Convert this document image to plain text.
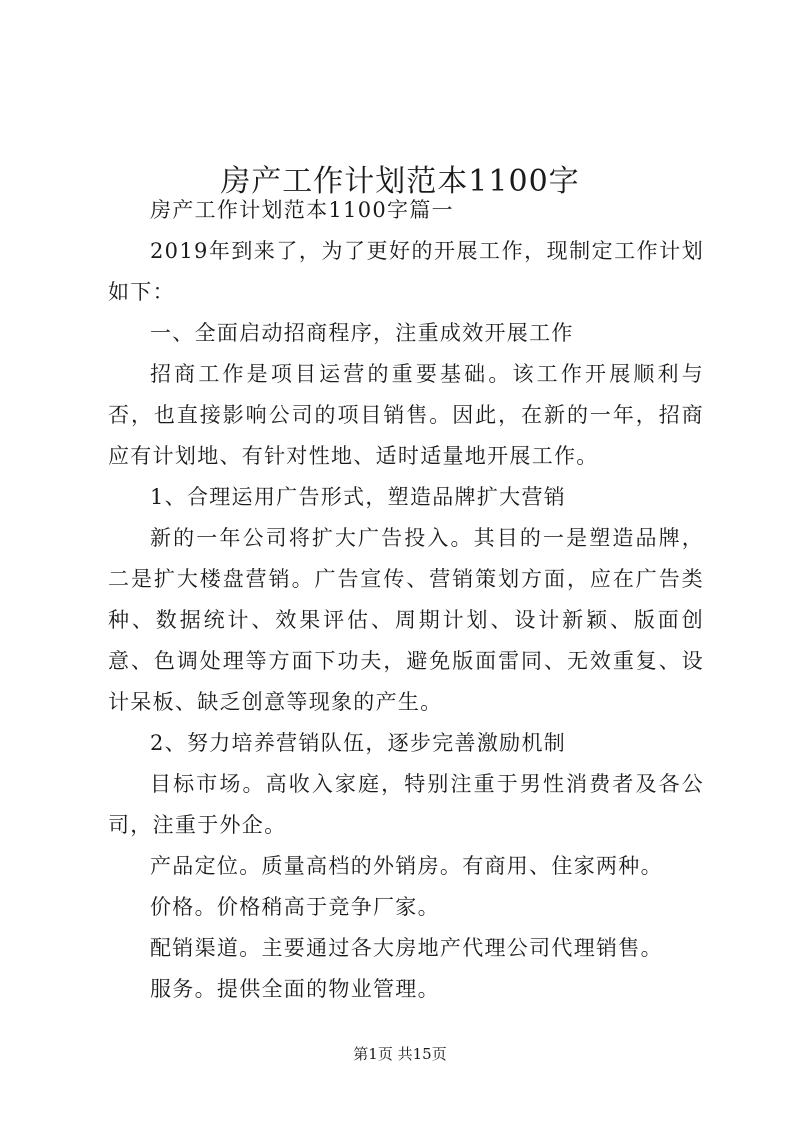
房产工作计划范本1100字

房产工作计划范本1100字篇一

2019年到来了，为了更好的开展工作，现制定工作计划如下：

一、全面启动招商程序，注重成效开展工作

招商工作是项目运营的重要基础。该工作开展顺利与否，也直接影响公司的项目销售。因此，在新的一年，招商应有计划地、有针对性地、适时适量地开展工作。

1、合理运用广告形式，塑造品牌扩大营销

新的一年公司将扩大广告投入。其目的一是塑造品牌，二是扩大楼盘营销。广告宣传、营销策划方面，应在广告类种、数据统计、效果评估、周期计划、设计新颖、版面创意、色调处理等方面下功夫，避免版面雷同、无效重复、设计呆板、缺乏创意等现象的产生。

2、努力培养营销队伍，逐步完善激励机制

目标市场。高收入家庭，特别注重于男性消费者及各公司，注重于外企。

产品定位。质量高档的外销房。有商用、住家两种。

价格。价格稍高于竞争厂家。

配销渠道。主要通过各大房地产代理公司代理销售。

服务。提供全面的物业管理。

第1页 共15页
